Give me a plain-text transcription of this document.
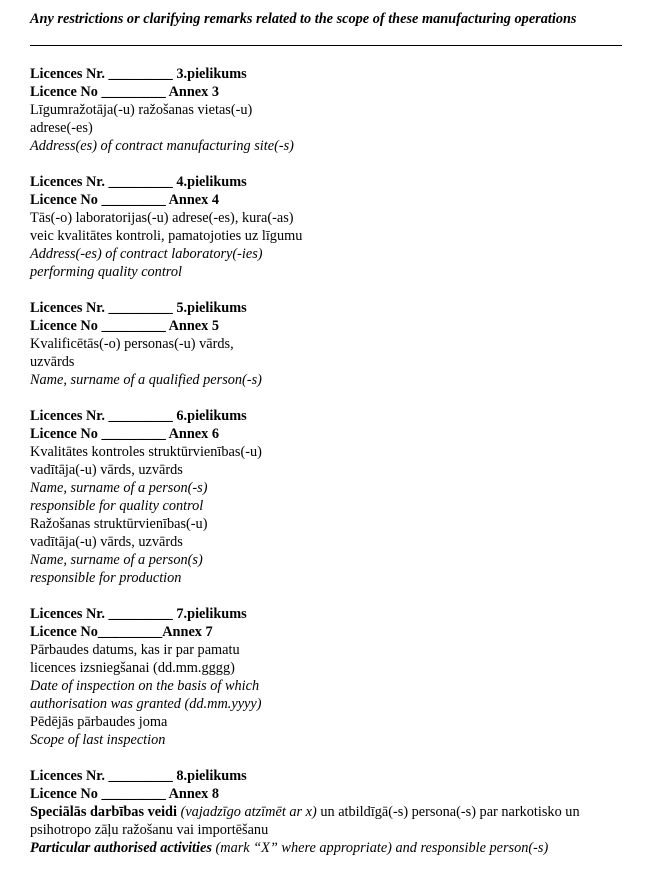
Any restrictions or clarifying remarks related to the scope of these manufacturing operations
Licences Nr. _________ 3.pielikums
Licence No _________ Annex 3
Līgumražotāja(-u) ražošanas vietas(-u)
adrese(-es)
Address(es) of contract manufacturing site(-s)
Licences Nr. _________ 4.pielikums
Licence No _________ Annex 4
Tās(-o) laboratorijas(-u) adrese(-es), kura(-as)
veic kvalitātes kontroli, pamatojoties uz līgumu
Address(-es) of contract laboratory(-ies)
performing quality control
Licences Nr. _________ 5.pielikums
Licence No _________ Annex 5
Kvalificētās(-o) personas(-u) vārds,
uzvārds
Name, surname of a qualified person(-s)
Licences Nr. _________ 6.pielikums
Licence No _________ Annex 6
Kvalitātes kontroles struktūrvienības(-u)
vadītāja(-u) vārds, uzvārds
Name, surname of a person(-s)
responsible for quality control
Ražošanas struktūrvienības(-u)
vadītāja(-u) vārds, uzvārds
Name, surname of a person(s)
responsible for production
Licences Nr. _________ 7.pielikums
Licence No_________Annex 7
Pārbaudes datums, kas ir par pamatu
licences izsniegšanai (dd.mm.gggg)
Date of inspection on the basis of which
authorisation was granted (dd.mm.yyyy)
Pēdējās pārbaudes joma
Scope of last inspection
Licences Nr. _________ 8.pielikums
Licence No _________ Annex 8
Speciālās darbības veidi (vajadzīgo atzīmēt ar x) un atbildīgā(-s) persona(-s) par narkotisko un psihotropo zāļu ražošanu vai importēšanu
Particular authorised activities (mark “X” where appropriate) and responsible person(-s)
